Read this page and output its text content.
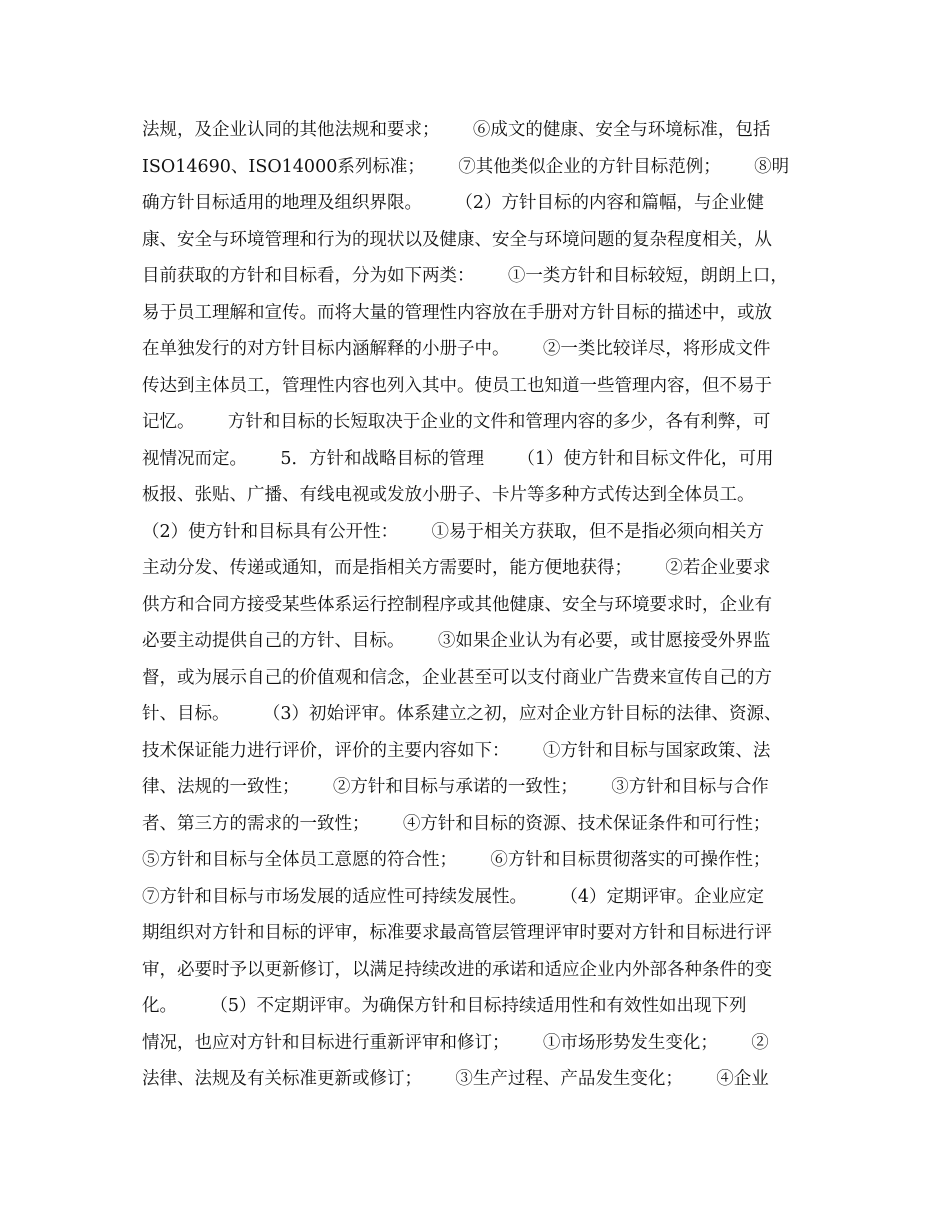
法规，及企业认同的其他法规和要求；      ⑥成文的健康、安全与环境标准，包括
ISO14690、ISO14000系列标准；      ⑦其他类似企业的方针目标范例；      ⑧明
确方针目标适用的地理及组织界限。      （2）方针目标的内容和篇幅，与企业健
康、安全与环境管理和行为的现状以及健康、安全与环境问题的复杂程度相关，从
目前获取的方针和目标看，分为如下两类：      ①一类方针和目标较短，朗朗上口，
易于员工理解和宣传。而将大量的管理性内容放在手册对方针目标的描述中，或放
在单独发行的对方针目标内涵解释的小册子中。      ②一类比较详尽，将形成文件
传达到主体员工，管理性内容也列入其中。使员工也知道一些管理内容，但不易于
记忆。      方针和目标的长短取决于企业的文件和管理内容的多少，各有利弊，可
视情况而定。      5．方针和战略目标的管理      （1）使方针和目标文件化，可用
板报、张贴、广播、有线电视或发放小册子、卡片等多种方式传达到全体员工。
（2）使方针和目标具有公开性：      ①易于相关方获取，但不是指必须向相关方
主动分发、传递或通知，而是指相关方需要时，能方便地获得；      ②若企业要求
供方和合同方接受某些体系运行控制程序或其他健康、安全与环境要求时，企业有
必要主动提供自己的方针、目标。      ③如果企业认为有必要，或甘愿接受外界监
督，或为展示自己的价值观和信念，企业甚至可以支付商业广告费来宣传自己的方
针、目标。      （3）初始评审。体系建立之初，应对企业方针目标的法律、资源、
技术保证能力进行评价，评价的主要内容如下：      ①方针和目标与国家政策、法
律、法规的一致性；      ②方针和目标与承诺的一致性；      ③方针和目标与合作
者、第三方的需求的一致性；      ④方针和目标的资源、技术保证条件和可行性；
⑤方针和目标与全体员工意愿的符合性；      ⑥方针和目标贯彻落实的可操作性；
⑦方针和目标与市场发展的适应性可持续发展性。      （4）定期评审。企业应定
期组织对方针和目标的评审，标准要求最高管层管理评审时要对方针和目标进行评
审，必要时予以更新修订，以满足持续改进的承诺和适应企业内外部各种条件的变
化。      （5）不定期评审。为确保方针和目标持续适用性和有效性如出现下列
情况，也应对方针和目标进行重新评审和修订；      ①市场形势发生变化；      ②
法律、法规及有关标准更新或修订；      ③生产过程、产品发生变化；      ④企业
